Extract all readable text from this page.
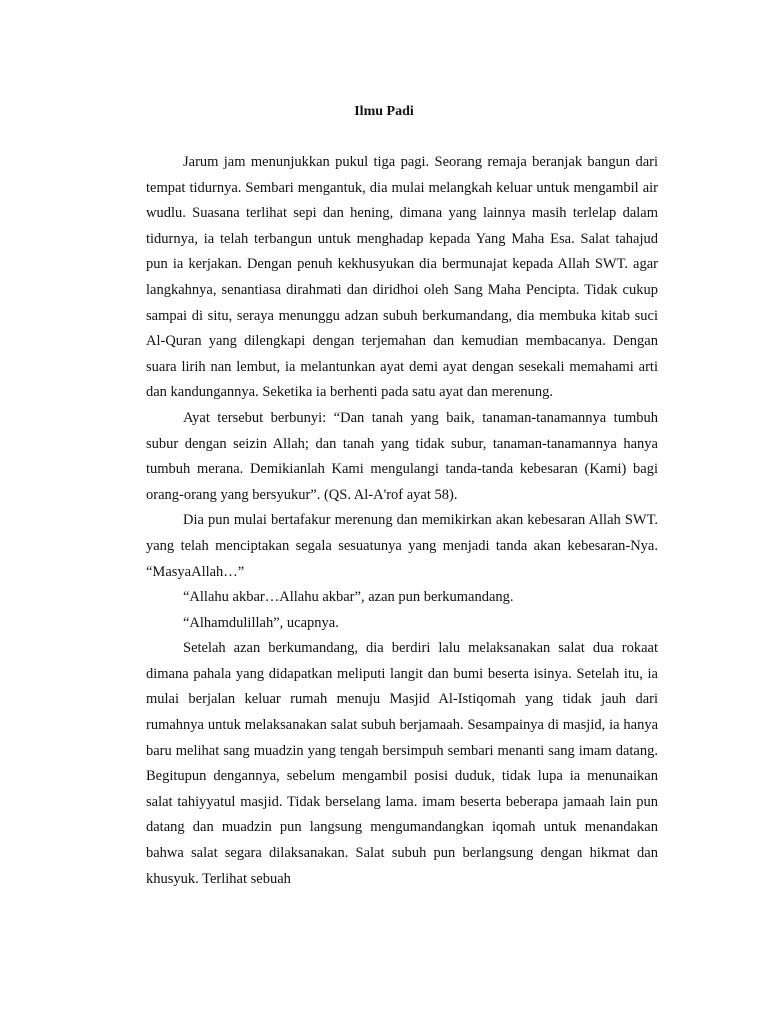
Ilmu Padi

Jarum jam menunjukkan pukul tiga pagi. Seorang remaja beranjak bangun dari tempat tidurnya. Sembari mengantuk, dia mulai melangkah keluar untuk mengambil air wudlu. Suasana terlihat sepi dan hening, dimana yang lainnya masih terlelap dalam tidurnya, ia telah terbangun untuk menghadap kepada Yang Maha Esa. Salat tahajud pun ia kerjakan. Dengan penuh kekhusyukan dia bermunajat kepada Allah SWT. agar langkahnya, senantiasa dirahmati dan diridhoi oleh Sang Maha Pencipta. Tidak cukup sampai di situ, seraya menunggu adzan subuh berkumandang, dia membuka kitab suci Al-Quran yang dilengkapi dengan terjemahan dan kemudian membacanya. Dengan suara lirih nan lembut, ia melantunkan ayat demi ayat dengan sesekali memahami arti dan kandungannya. Seketika ia berhenti pada satu ayat dan merenung.

Ayat tersebut berbunyi: “Dan tanah yang baik, tanaman-tanamannya tumbuh subur dengan seizin Allah; dan tanah yang tidak subur, tanaman-tanamannya hanya tumbuh merana. Demikianlah Kami mengulangi tanda-tanda kebesaran (Kami) bagi orang-orang yang bersyukur”. (QS. Al-A'rof ayat 58).

Dia pun mulai bertafakur merenung dan memikirkan akan kebesaran Allah SWT. yang telah menciptakan segala sesuatunya yang menjadi tanda akan kebesaran-Nya. “MasyaAllah…”

“Allahu akbar…Allahu akbar”, azan pun berkumandang.

“Alhamdulillah”, ucapnya.

Setelah azan berkumandang, dia berdiri lalu melaksanakan salat dua rokaat dimana pahala yang didapatkan meliputi langit dan bumi beserta isinya. Setelah itu, ia mulai berjalan keluar rumah menuju Masjid Al-Istiqomah yang tidak jauh dari rumahnya untuk melaksanakan salat subuh berjamaah. Sesampainya di masjid, ia hanya baru melihat sang muadzin yang tengah bersimpuh sembari menanti sang imam datang. Begitupun dengannya, sebelum mengambil posisi duduk, tidak lupa ia menunaikan salat tahiyyatul masjid. Tidak berselang lama. imam beserta beberapa jamaah lain pun datang dan muadzin pun langsung mengumandangkan iqomah untuk menandakan bahwa salat segara dilaksanakan. Salat subuh pun berlangsung dengan hikmat dan khusyuk. Terlihat sebuah
